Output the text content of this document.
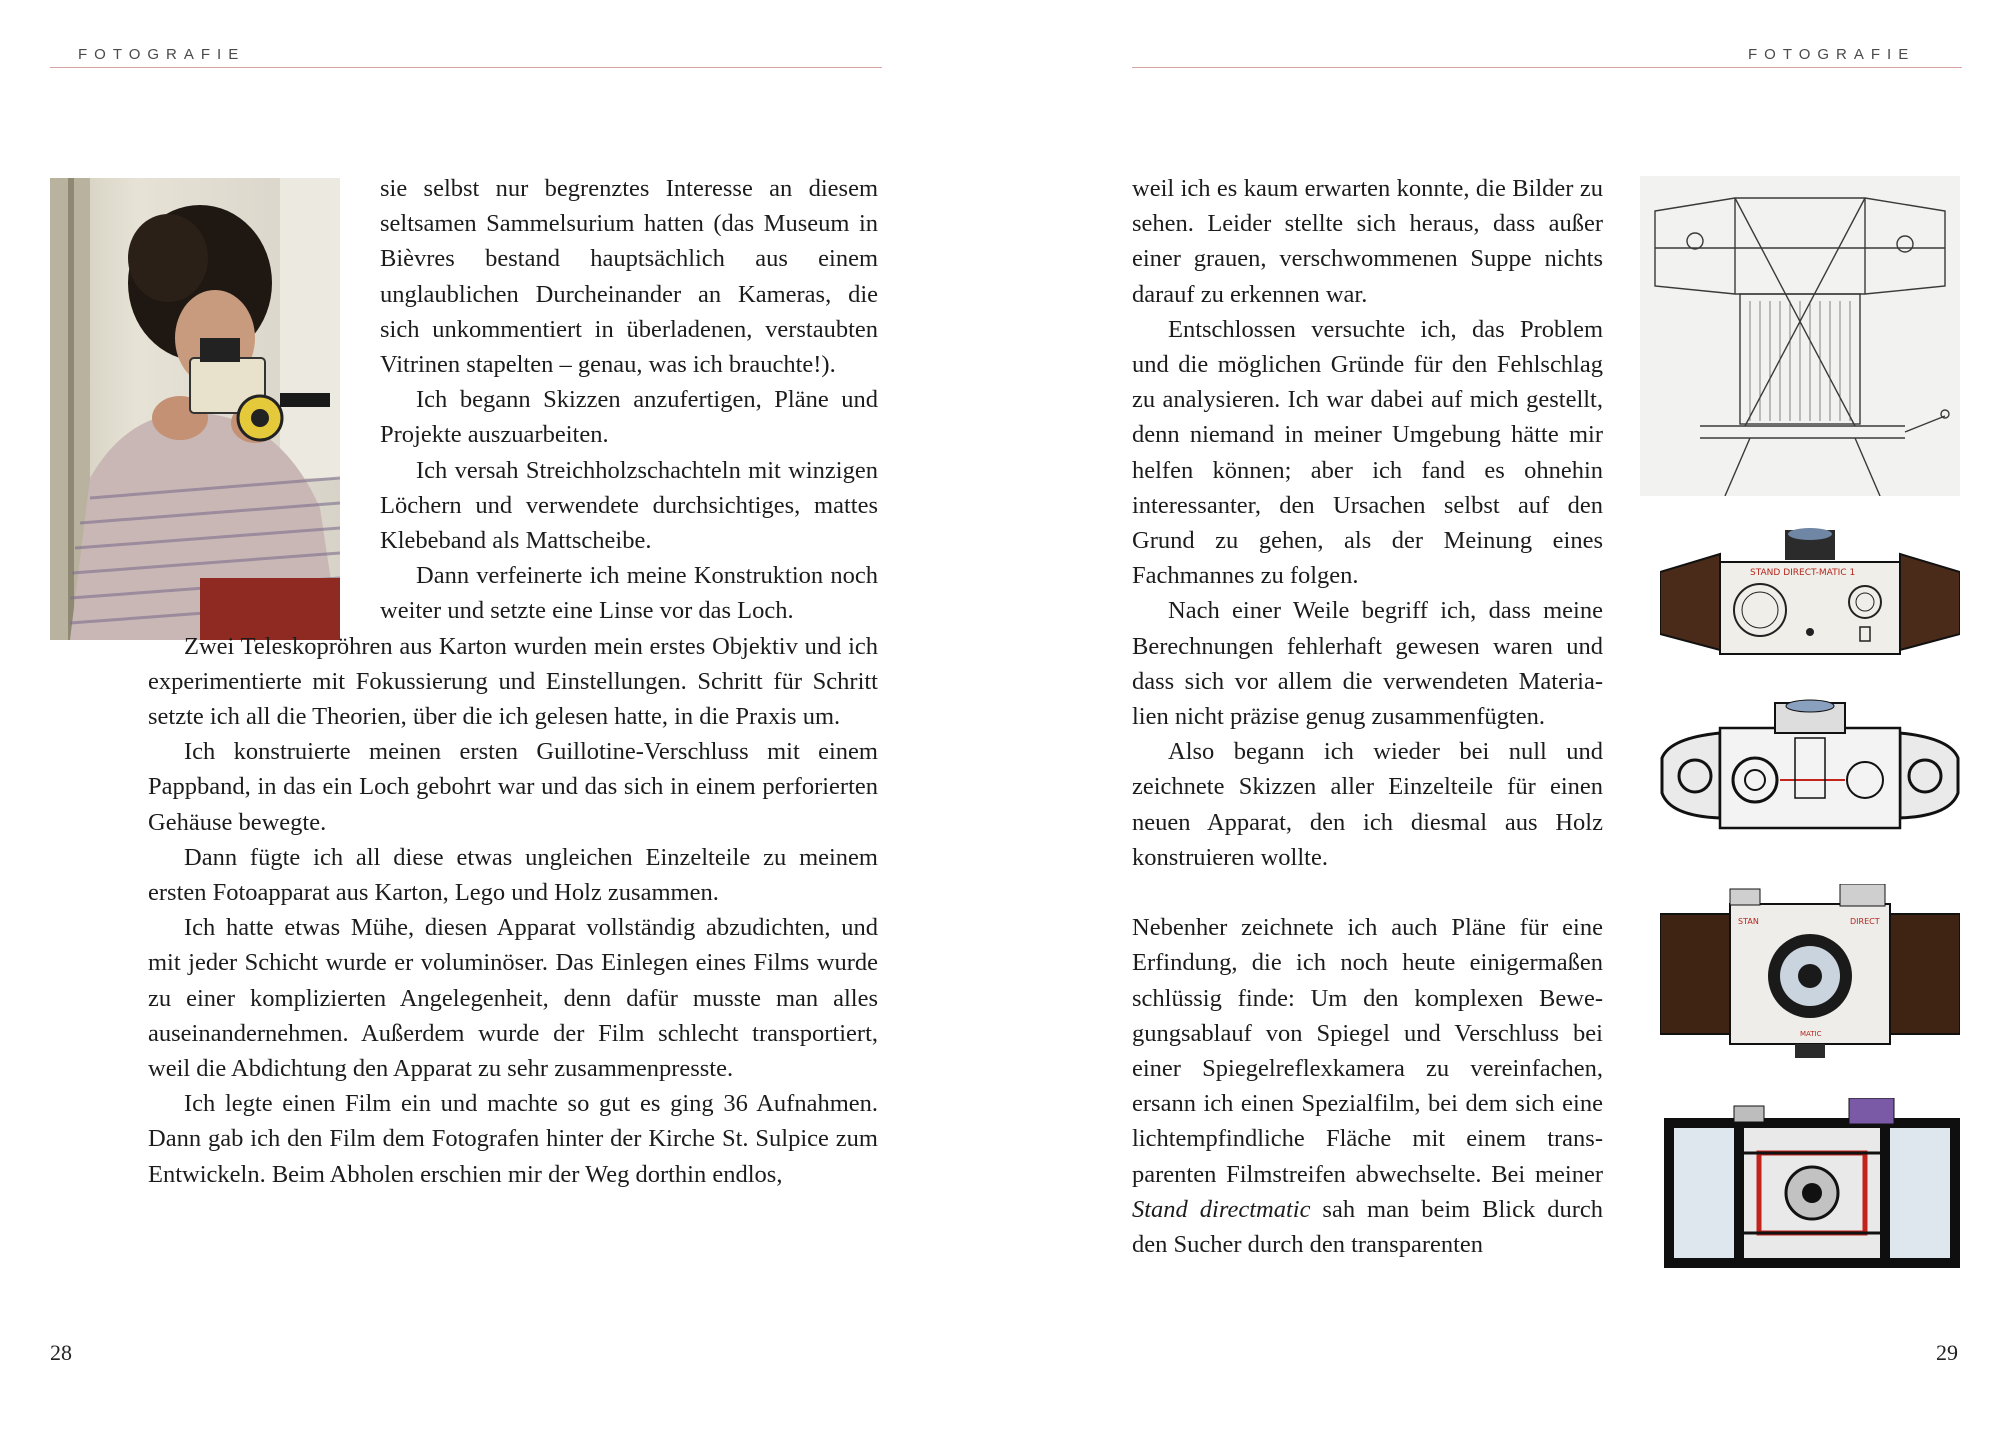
FOTOGRAFIE

sie selbst nur begrenztes Interesse an diesem seltsamen Sammelsurium hatten (das Museum in Bièvres bestand hauptsächlich aus einem unglaublichen Durcheinander an Kameras, die sich unkommentiert in überladenen, verstaubten Vitrinen stapelten – genau, was ich brauchte!).

Ich begann Skizzen anzufertigen, Pläne und Projekte auszuarbeiten.

Ich versah Streichholzschachteln mit winzigen Löchern und verwendete durchsichtiges, mattes Klebeband als Mattscheibe.

Dann verfeinerte ich meine Konstruktion noch weiter und setzte eine Linse vor das Loch.

Zwei Teleskopröhren aus Karton wurden mein erstes Objektiv und ich experimentierte mit Fokussierung und Einstellungen. Schritt für Schritt setzte ich all die Theorien, über die ich gelesen hatte, in die Praxis um.

Ich konstruierte meinen ersten Guillotine-Verschluss mit einem Pappband, in das ein Loch gebohrt war und das sich in einem perforierten Gehäuse bewegte.

Dann fügte ich all diese etwas ungleichen Einzelteile zu meinem ersten Fotoapparat aus Karton, Lego und Holz zusammen.

Ich hatte etwas Mühe, diesen Apparat vollständig abzudichten, und mit jeder Schicht wurde er voluminöser. Das Einlegen eines Films wurde zu einer komplizierten Angelegenheit, denn dafür musste man alles auseinandernehmen. Außerdem wurde der Film schlecht transportiert, weil die Abdichtung den Apparat zu sehr zusammenpresste.

Ich legte einen Film ein und machte so gut es ging 36 Aufnahmen. Dann gab ich den Film dem Fotografen hinter der Kirche St. Sulpice zum Entwickeln. Beim Abholen erschien mir der Weg dorthin endlos,

28
FOTOGRAFIE

weil ich es kaum erwarten konnte, die Bilder zu sehen. Leider stellte sich heraus, dass außer einer grauen, verschwommenen Suppe nichts darauf zu erkennen war.

Entschlossen versuchte ich, das Problem und die möglichen Gründe für den Fehlschlag zu analysieren. Ich war dabei auf mich gestellt, denn niemand in meiner Umgebung hätte mir helfen können; aber ich fand es ohnehin interessanter, den Ursachen selbst auf den Grund zu gehen, als der Meinung eines Fachmannes zu folgen.

Nach einer Weile begriff ich, dass meine Berechnungen fehlerhaft gewesen waren und dass sich vor allem die verwendeten Materialien nicht präzise genug zusammenfügten.

Also begann ich wieder bei null und zeichnete Skizzen aller Einzelteile für einen neuen Apparat, den ich diesmal aus Holz konstruieren wollte.

Nebenher zeichnete ich auch Pläne für eine Erfindung, die ich noch heute einigermaßen schlüssig finde: Um den komplexen Bewegungsablauf von Spiegel und Verschluss bei einer Spiegelreflexkamera zu vereinfachen, ersann ich einen Spezialfilm, bei dem sich eine lichtempfindliche Fläche mit einem transparenten Filmstreifen abwechselte. Bei meiner Stand directmatic sah man beim Blick durch den Sucher durch den transparenten

29
STAND DIRECT-MATIC 1
STAN	DIRECT
MATIC
